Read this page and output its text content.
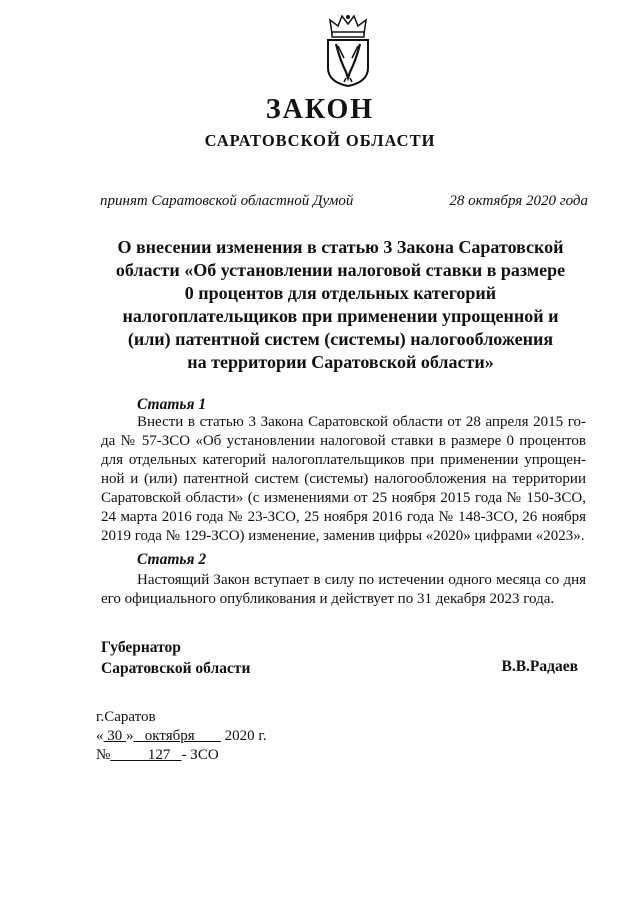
ЗАКОН
САРАТОВСКОЙ ОБЛАСТИ
принят Саратовской областной Думой	28 октября 2020 года
О внесении изменения в статью 3 Закона Саратовской
области «Об установлении налоговой ставки в размере
0 процентов для отдельных категорий
налогоплательщиков при применении упрощенной и
(или) патентной систем (системы) налогообложения
на территории Саратовской области»
Статья 1
Внести в статью 3 Закона Саратовской области от 28 апреля 2015 го-
да № 57-ЗСО «Об установлении налоговой ставки в размере 0 процентов
для отдельных категорий налогоплательщиков при применении упрощен-
ной и (или) патентной систем (системы) налогообложения на территории
Саратовской области» (с изменениями от 25 ноября 2015 года № 150-ЗСО,
24 марта 2016 года № 23-ЗСО, 25 ноября 2016 года № 148-ЗСО, 26 ноября
2019 года № 129-ЗСО) изменение, заменив цифры «2020» цифрами «2023».
Статья 2
Настоящий Закон вступает в силу по истечении одного месяца со дня
его официального опубликования и действует по 31 декабря 2023 года.
Губернатор
Саратовской области	В.В.Радаев
г.Саратов
« 30 »   октября        2020 г.
№          127   - ЗСО
